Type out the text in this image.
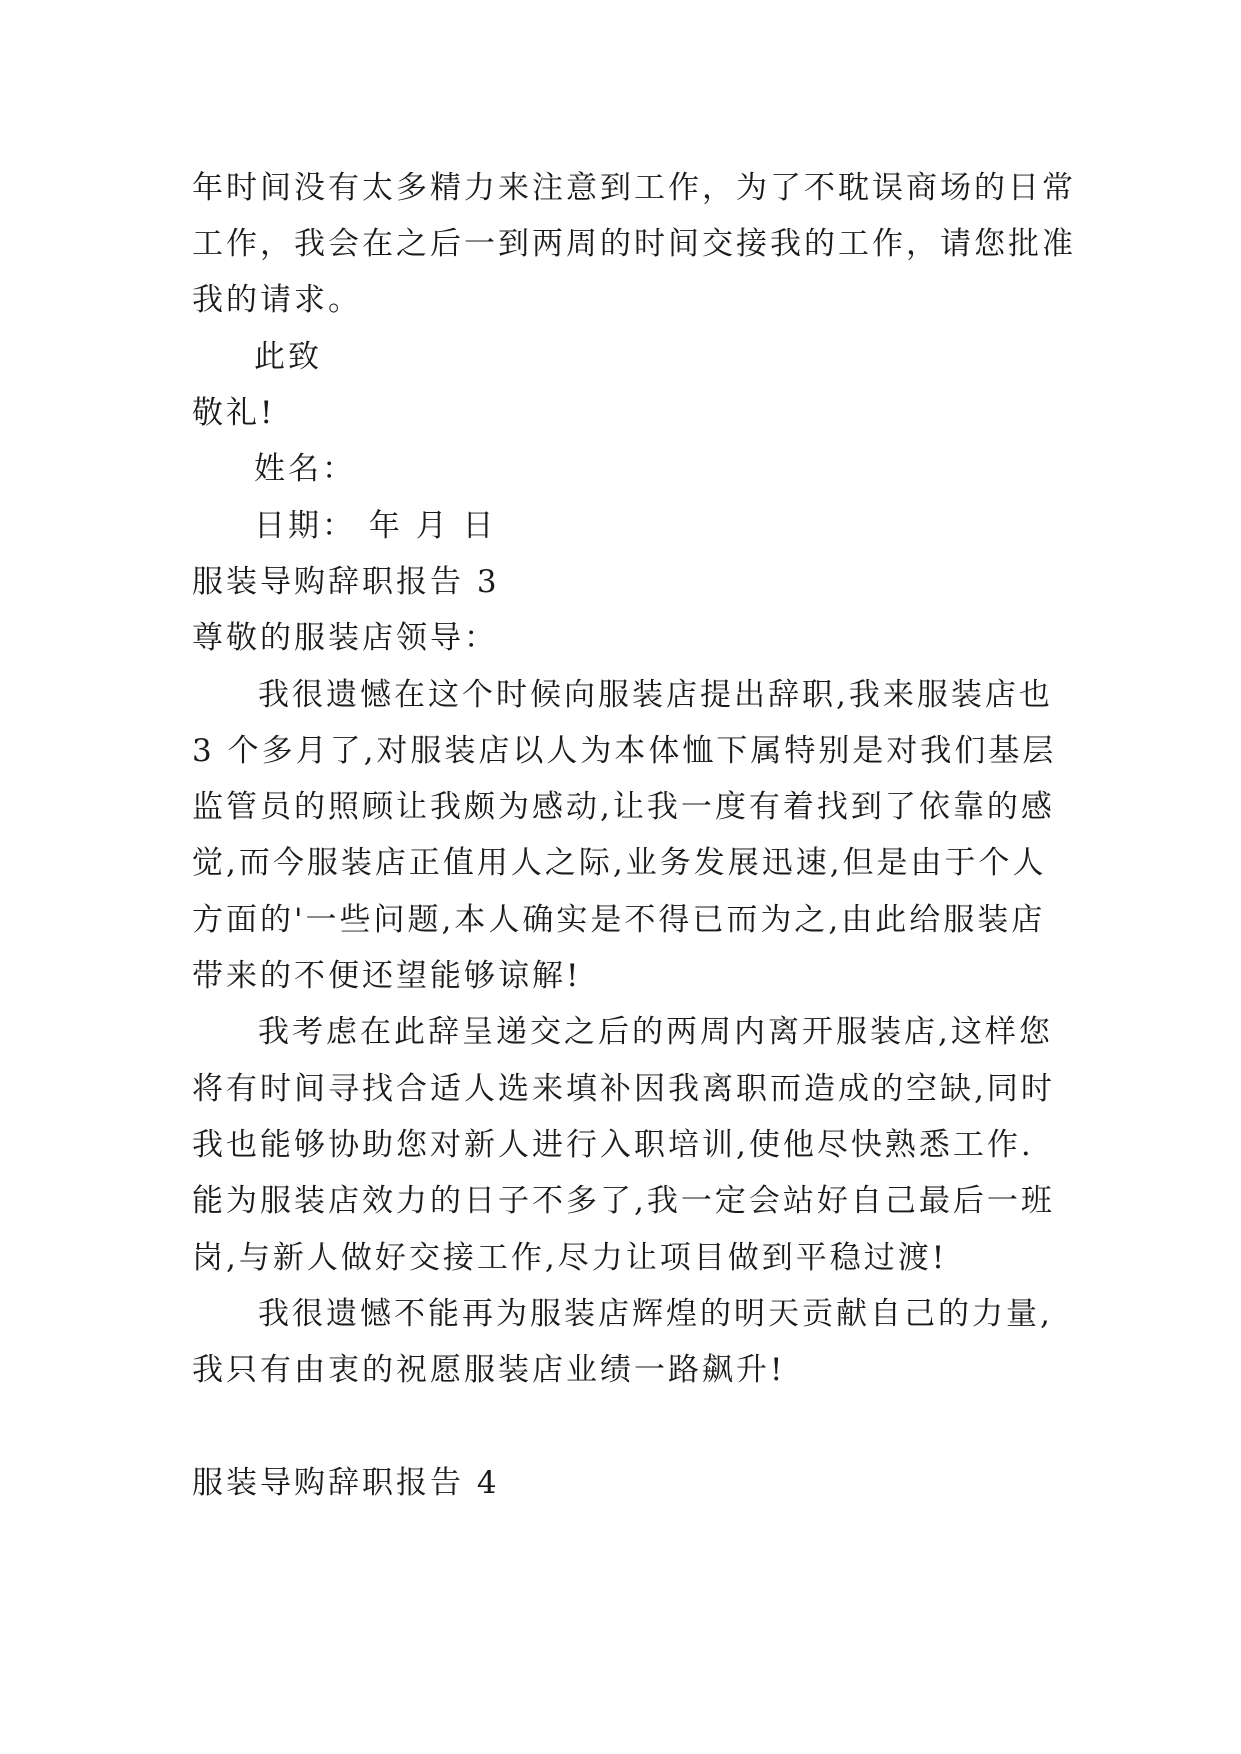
年时间没有太多精力来注意到工作，为了不耽误商场的日常
工作，我会在之后一到两周的时间交接我的工作，请您批准
我的请求。
此致
敬礼!
姓名：
日期： 年 月 日
服装导购辞职报告 3
尊敬的服装店领导：
我很遗憾在这个时候向服装店提出辞职,我来服装店也
3 个多月了,对服装店以人为本体恤下属特别是对我们基层
监管员的照顾让我颇为感动,让我一度有着找到了依靠的感
觉,而今服装店正值用人之际,业务发展迅速,但是由于个人
方面的'一些问题,本人确实是不得已而为之,由此给服装店
带来的不便还望能够谅解!
我考虑在此辞呈递交之后的两周内离开服装店,这样您
将有时间寻找合适人选来填补因我离职而造成的空缺,同时
我也能够协助您对新人进行入职培训,使他尽快熟悉工作.
能为服装店效力的日子不多了,我一定会站好自己最后一班
岗,与新人做好交接工作,尽力让项目做到平稳过渡!
我很遗憾不能再为服装店辉煌的明天贡献自己的力量,
我只有由衷的祝愿服装店业绩一路飙升!
服装导购辞职报告 4
